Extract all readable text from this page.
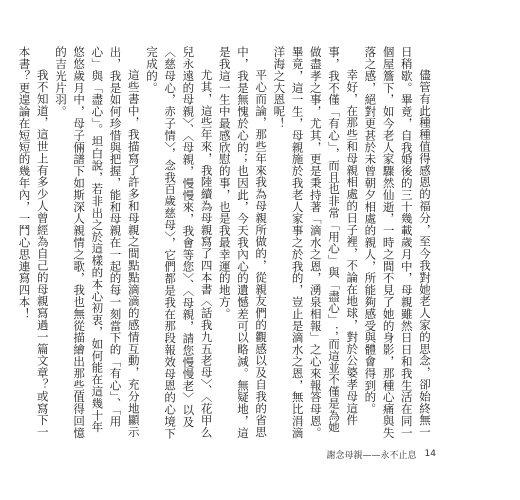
儘管有此種種值得感恩的福分，至今我對她老人家的思念，卻始終無一日稍歇。畢竟，自我婚後的三十幾載歲月中，母親雖然日日和我生活在同一個屋簷下，如今老人家驟然仙逝，一時之間不見了她的身影，那種心痛與失落之感，絕對更甚於未曾朝夕相處的親人，所能夠感受與體會得到的。

幸好，在那些和母親相處的日子裡，不論在地球，對於公婆孝母這件事，我不僅「有心」，而且也非常「用心」與「盡心」；而這並不僅是為她做盡孝之事，尤其，更是秉持著「滴水之恩，湧泉相報」之心來報答母恩。畢竟，這一生，母親施於我老人家事之於我的，豈止是滴水之恩，無比涓滴洋海之大恩呢！

平心而論，那些年來我為母親所做的，從親友們的觀感以及自我的省思中，我是無愧於心的；也因此，今天我內心的遺憾差可以略減。無疑地，這是我這一生中最感欣慰的事，也是我最幸運的地方。

尤其，這些年來，我陸續為母親寫了四本書〈話我九五老母〉、〈花甲么兒永遠的母親〉、〈母親，慢慢來，我會等您〉、〈母親，請您慢慢老〉以及〈慈母心，赤子情〉，念我百歲慈母〉，它們都是我在那段報效母恩的心境下完成的。

這些書中，我描寫了許多和母親之間點點滴滴的感情互動，充分地顯示出，我是如何珍惜與把握，能和母親在一起的每一刻當下的「有心」、「用心」與「盡心」。坦白說，若非出之於這樣的本心初衷，如何能在這幾十年悠悠歲月中，母子倆譜下如斯深人親情之歌，我也無從描繪出那些值得回憶的吉光片羽。

我不知道，這世上有多少人曾經為自己的母親寫過一篇文章？或寫下一本書？更遑論在短短的幾年內，一鬥心思連寫四本！

謝念母親——永不止息 14
